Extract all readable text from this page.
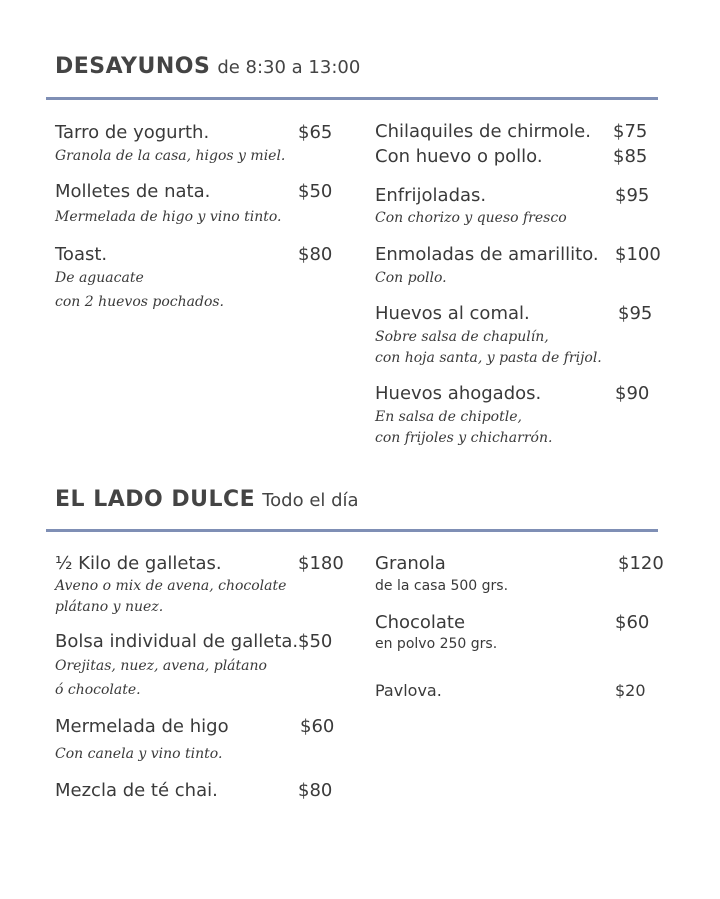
DESAYUNOS de 8:30 a 13:00
Tarro de yogurth.	$65
Granola de la casa, higos y miel.
Molletes de nata.	$50
Mermelada de higo y vino tinto.
Toast.	$80
De aguacate
con 2 huevos pochados.
Chilaquiles de chirmole. $75
Con huevo o pollo.	$85
Enfrijoladas.	$95
Con chorizo y queso fresco
Enmoladas de amarillito. $100
Con pollo.
Huevos al comal.	$95
Sobre salsa de chapulín,
con hoja santa, y pasta de frijol.
Huevos ahogados.	$90
En salsa de chipotle,
con frijoles y chicharrón.
EL LADO DULCE Todo el día
½ Kilo de galletas.	$180
Aveno o mix de avena, chocolate
plátano y nuez.
Bolsa individual de galleta. $50
Orejitas, nuez, avena, plátano
ó chocolate.
Mermelada de higo	$60
Con canela y vino tinto.
Mezcla de té chai.	$80
Granola	$120
de la casa 500 grs.
Chocolate	$60
en polvo 250 grs.
Pavlova.	$20
